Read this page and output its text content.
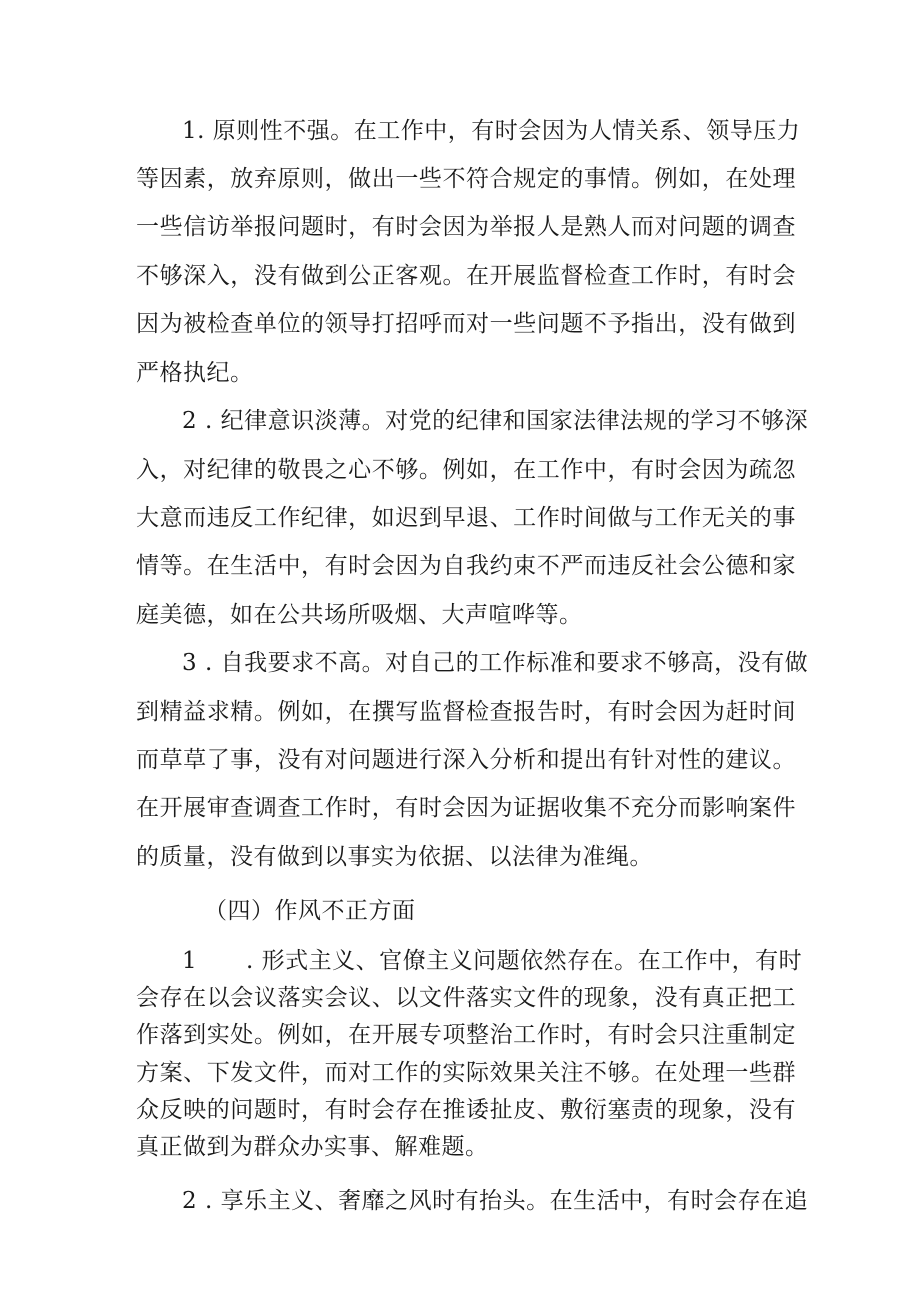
1. 原则性不强。在工作中，有时会因为人情关系、领导压力
等因素，放弃原则，做出一些不符合规定的事情。例如，在处理
一些信访举报问题时，有时会因为举报人是熟人而对问题的调查
不够深入，没有做到公正客观。在开展监督检查工作时，有时会
因为被检查单位的领导打招呼而对一些问题不予指出，没有做到
严格执纪。
2 . 纪律意识淡薄。对党的纪律和国家法律法规的学习不够深
入，对纪律的敬畏之心不够。例如，在工作中，有时会因为疏忽
大意而违反工作纪律，如迟到早退、工作时间做与工作无关的事
情等。在生活中，有时会因为自我约束不严而违反社会公德和家
庭美德，如在公共场所吸烟、大声喧哗等。
3 . 自我要求不高。对自己的工作标准和要求不够高，没有做
到精益求精。例如，在撰写监督检查报告时，有时会因为赶时间
而草草了事，没有对问题进行深入分析和提出有针对性的建议。
在开展审查调查工作时，有时会因为证据收集不充分而影响案件
的质量，没有做到以事实为依据、以法律为准绳。
（四）作风不正方面
1 . 形式主义、官僚主义问题依然存在。在工作中，有时
会存在以会议落实会议、以文件落实文件的现象，没有真正把工
作落到实处。例如，在开展专项整治工作时，有时会只注重制定
方案、下发文件，而对工作的实际效果关注不够。在处理一些群
众反映的问题时，有时会存在推诿扯皮、敷衍塞责的现象，没有
真正做到为群众办实事、解难题。
2 . 享乐主义、奢靡之风时有抬头。在生活中，有时会存在追
